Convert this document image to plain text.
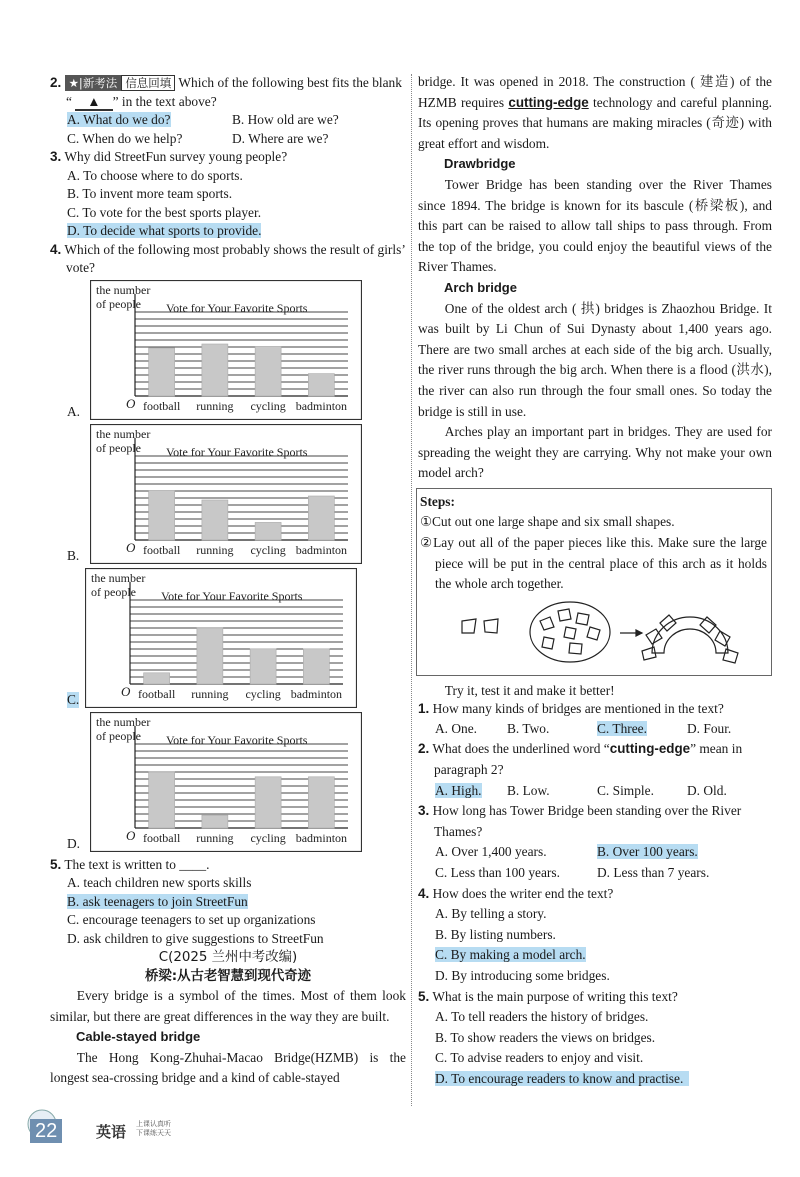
2. ★|新考法 信息回填 Which of the following best fits the blank “ ▲ ” in the text above?
A. What do we do?	B. How old are we?
C. When do we help?	D. Where are we?
3. Why did StreetFun survey young people?
A. To choose where to do sports.
B. To invent more team sports.
C. To vote for the best sports player.
D. To decide what sports to provide.
4. Which of the following most probably shows the result of girls’ vote?
A.
the number
of people Vote for Your Favorite Sports
O football running cycling badminton
B.
the number
of people Vote for Your Favorite Sports
O football running cycling badminton
C.
the number
of people Vote for Your Favorite Sports
O football running cycling badminton
D.
the number
of people Vote for Your Favorite Sports
O football running cycling badminton
5. The text is written to ____.
A. teach children new sports skills
B. ask teenagers to join StreetFun
C. encourage teenagers to set up organizations
D. ask children to give suggestions to StreetFun
C(2025 兰州中考改编)
桥梁:从古老智慧到现代奇迹

Every bridge is a symbol of the times. Most of them look similar, but there are great differences in the way they are built.

Cable-stayed bridge

The Hong Kong-Zhuhai-Macao Bridge(HZMB) is the longest sea-crossing bridge and a kind of cable-stayed

bridge. It was opened in 2018. The construction ( 建造) of the HZMB requires cutting-edge technology and careful planning. Its opening proves that humans are making miracles (奇迹) with great effort and wisdom.

Drawbridge

Tower Bridge has been standing over the River Thames since 1894. The bridge is known for its bascule (桥梁板), and this part can be raised to allow tall ships to pass through. From the top of the bridge, you could enjoy the beautiful views of the River Thames.

Arch bridge

One of the oldest arch ( 拱) bridges is Zhaozhou Bridge. It was built by Li Chun of Sui Dynasty about 1,400 years ago. There are two small arches at each side of the big arch. Usually, the river runs through the big arch. When there is a flood (洪水), the river can also run through the four small ones. So today the bridge is still in use.

Arches play an important part in bridges. They are used for spreading the weight they are carrying. Why not make your own model arch?

Steps:
①Cut out one large shape and six small shapes.
②Lay out all of the paper pieces like this. Make sure the large piece will be put in the central place of this arch as it holds the whole arch together.
Try it, test it and make it better!
1. How many kinds of bridges are mentioned in the text?
A. One.	B. Two.	C. Three.	D. Four.
2. What does the underlined word “cutting-edge” mean in paragraph 2?
A. High.	B. Low.	C. Simple.	D. Old.
3. How long has Tower Bridge been standing over the River Thames?
A. Over 1,400 years.	B. Over 100 years.
C. Less than 100 years.	D. Less than 7 years.
4. How does the writer end the text?
A. By telling a story.
B. By listing numbers.
C. By making a model arch.
D. By introducing some bridges.
5. What is the main purpose of writing this text?
A. To tell readers the history of bridges.
B. To show readers the views on bridges.
C. To advise readers to enjoy and visit.
D. To encourage readers to know and practise.
22	英语 上课认真听
下课练天天
